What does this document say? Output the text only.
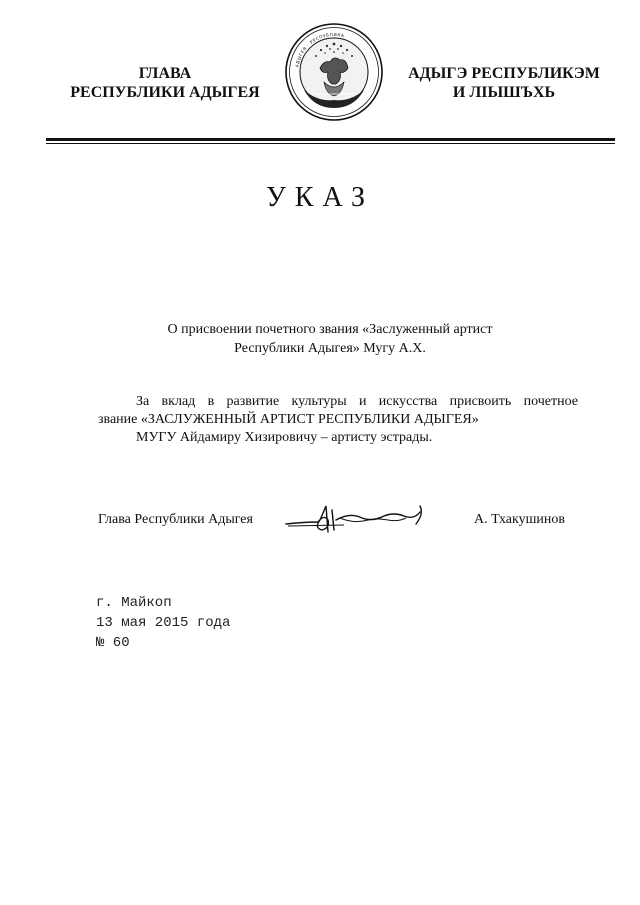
ГЛАВА
РЕСПУБЛИКИ АДЫГЕЯ
АДЫГЕЯ · РЕСПУБЛИКА
АДЫГЭ РЕСПУБЛИКЭМ
И ЛІЫШЪХЬ
УКАЗ
О присвоении почетного звания «Заслуженный артист
Республики Адыгея» Мугу А.Х.
За вклад в развитие культуры и искусства присвоить почетное
звание «ЗАСЛУЖЕННЫЙ АРТИСТ РЕСПУБЛИКИ АДЫГЕЯ»
МУГУ Айдамиру Хизировичу – артисту эстрады.
Глава Республики Адыгея	А. Тхакушинов
г. Майкоп
13 мая 2015 года
№ 60
